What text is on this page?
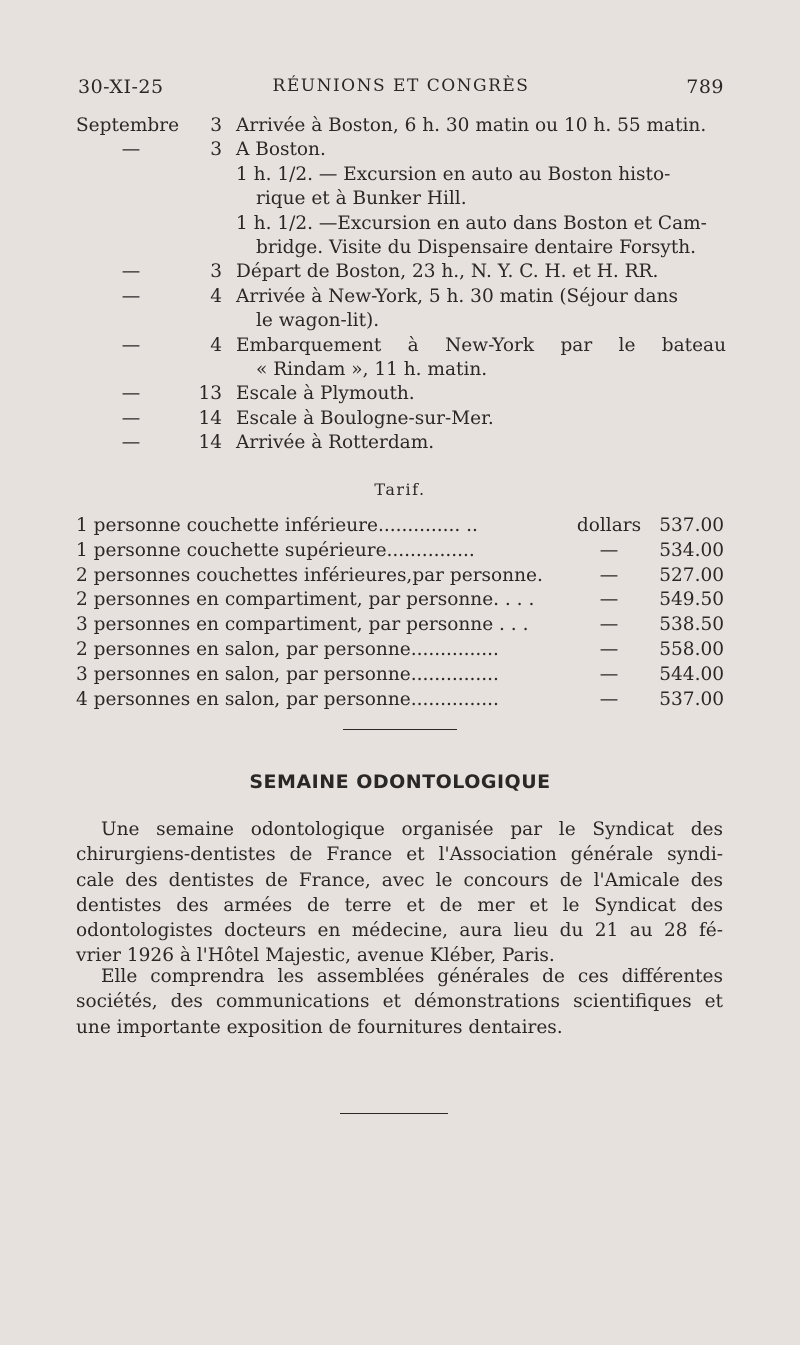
30-XI-25	RÉUNIONS ET CONGRÈS	789
Septembre	3 Arrivée à Boston, 6 h. 30 matin ou 10 h. 55 matin.
—	3 A Boston.
1 h. 1/2. — Excursion en auto au Boston histo-
rique et à Bunker Hill.
1 h. 1/2. —Excursion en auto dans Boston et Cam-
bridge. Visite du Dispensaire dentaire Forsyth.
—	3 Départ de Boston, 23 h., N. Y. C. H. et H. RR.
—	4 Arrivée à New-York, 5 h. 30 matin (Séjour dans
le wagon-lit).
—	4 Embarquement à New-York par le bateau
« Rindam », 11 h. matin.
—	13 Escale à Plymouth.
—	14 Escale à Boulogne-sur-Mer.
—	14 Arrivée à Rotterdam.
Tarif.
1 personne couchette inférieure.............. ..	dollars 537.00
1 personne couchette supérieure...............	—	534.00
2 personnes couchettes inférieures,par personne.	—	527.00
2 personnes en compartiment, par personne. . . .	—	549.50
3 personnes en compartiment, par personne . . .	—	538.50
2 personnes en salon, par personne...............	—	558.00
3 personnes en salon, par personne...............	—	544.00
4 personnes en salon, par personne...............	—	537.00
SEMAINE ODONTOLOGIQUE
Une semaine odontologique organisée par le Syndicat des
chirurgiens-dentistes de France et l'Association générale syndi-
cale des dentistes de France, avec le concours de l'Amicale des
dentistes des armées de terre et de mer et le Syndicat des
odontologistes docteurs en médecine, aura lieu du 21 au 28 fé-
vrier 1926 à l'Hôtel Majestic, avenue Kléber, Paris.
Elle comprendra les assemblées générales de ces différentes
sociétés, des communications et démonstrations scientifiques et
une importante exposition de fournitures dentaires.
